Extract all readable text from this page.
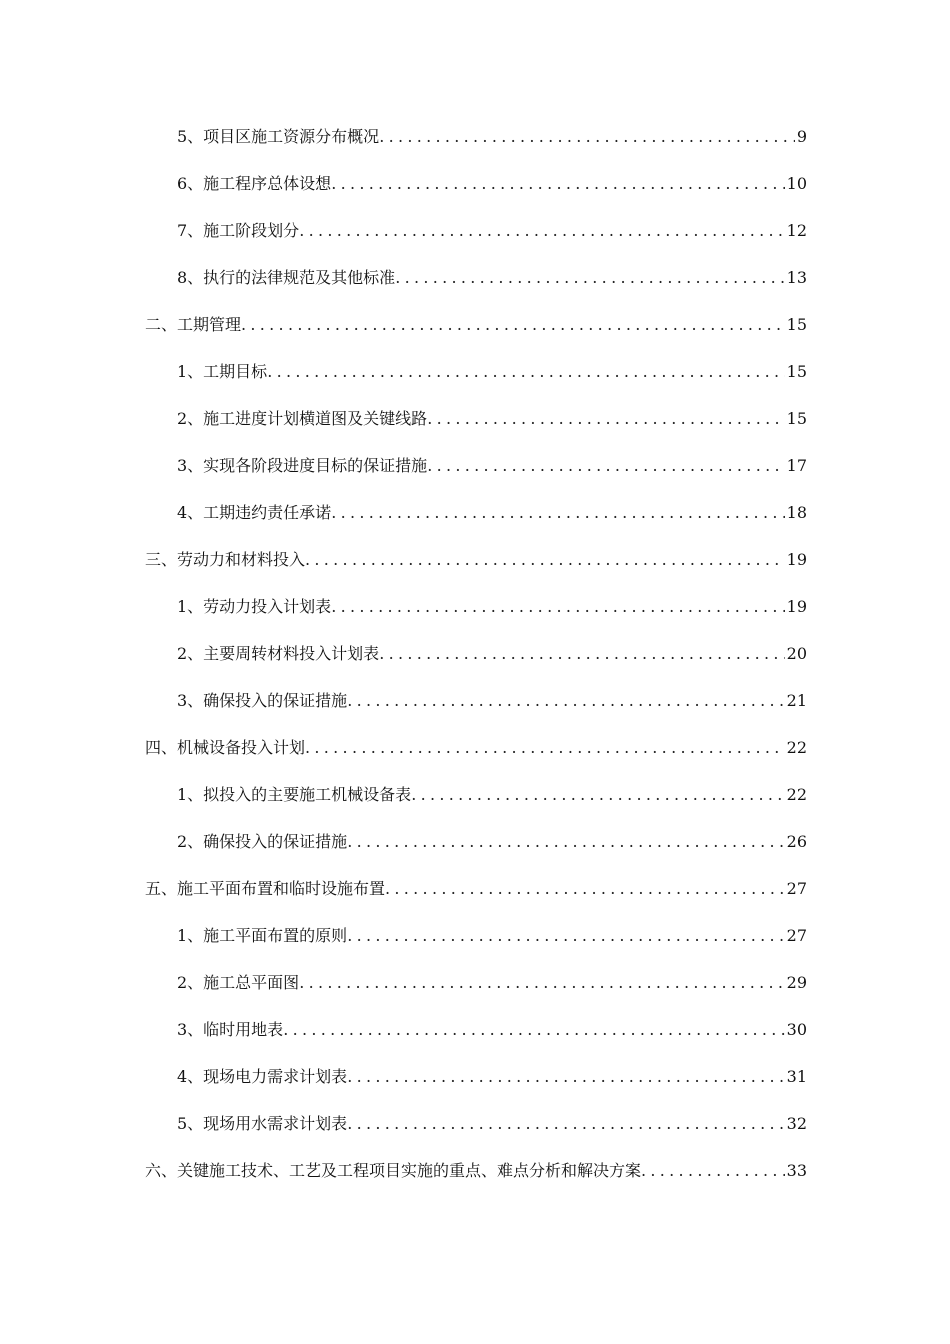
5、项目区施工资源分布概况 .....	9
6、施工程序总体设想 .....	10
7、施工阶段划分 .....	12
8、执行的法律规范及其他标准 .....	13
二、工期管理 .....	15
1、工期目标 .....	15
2、施工进度计划横道图及关键线路 .....	15
3、实现各阶段进度目标的保证措施 .....	17
4、工期违约责任承诺 .....	18
三、劳动力和材料投入 .....	19
1、劳动力投入计划表 .....	19
2、主要周转材料投入计划表 .....	20
3、确保投入的保证措施 .....	21
四、机械设备投入计划 .....	22
1、拟投入的主要施工机械设备表 .....	22
2、确保投入的保证措施 .....	26
五、施工平面布置和临时设施布置 .....	27
1、施工平面布置的原则 .....	27
2、施工总平面图 .....	29
3、临时用地表 .....	30
4、现场电力需求计划表 .....	31
5、现场用水需求计划表 .....	32
六、关键施工技术、工艺及工程项目实施的重点、难点分析和解决方案 .....	33
